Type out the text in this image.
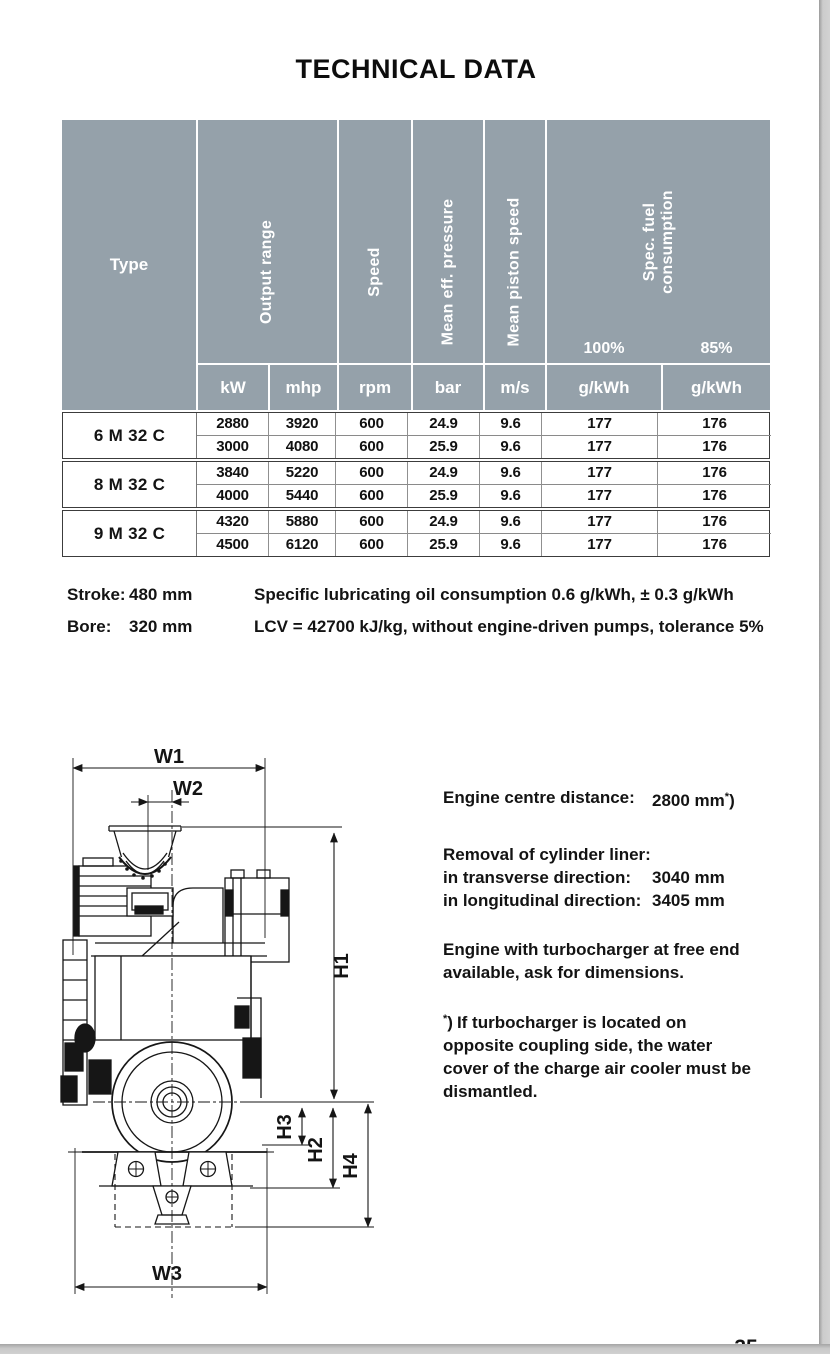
TECHNICAL DATA
Type	Output range	Speed	Mean eff. pressure	Mean piston speed	Spec. fuel
consumption
100%	85%
kW	mhp	rpm	bar	m/s	g/kWh	g/kWh
6 M 32 C
2880	3920	600	24.9	9.6	177	176
3000	4080	600	25.9	9.6	177	176
8 M 32 C
3840	5220	600	24.9	9.6	177	176
4000	5440	600	25.9	9.6	177	176
9 M 32 C
4320	5880	600	24.9	9.6	177	176
4500	6120	600	25.9	9.6	177	176
Stroke: 480 mm
Bore: 320 mm
Specific lubricating oil consumption 0.6 g/kWh, ± 0.3 g/kWh
LCV = 42700 kJ/kg, without engine-driven pumps, tolerance 5%
Engine centre distance: 2800 mm*)
Removal of cylinder liner:
in transverse direction: 3040 mm
in longitudinal direction: 3405 mm
Engine with turbocharger at free end
available, ask for dimensions.
*) If turbocharger is located on
opposite coupling side, the water
cover of the charge air cooler must be
dismantled.
W1
W2
W3
H1
H3
H2
H4
